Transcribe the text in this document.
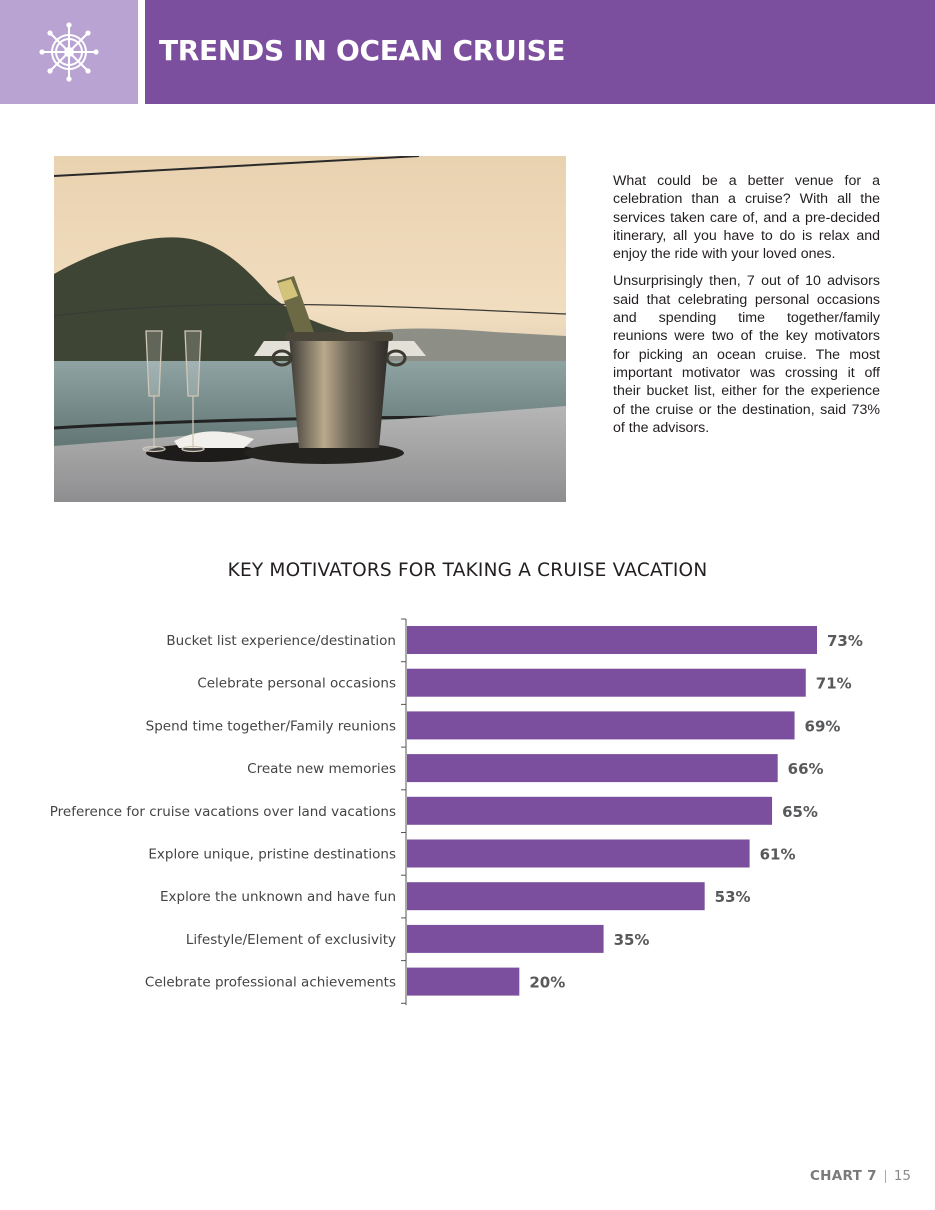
TRENDS IN OCEAN CRUISE

What could be a better venue for a celebration than a cruise? With all the services taken care of, and a pre-decided itinerary, all you have to do is relax and enjoy the ride with your loved ones.

Unsurprisingly then, 7 out of 10 advisors said that celebrating personal occasions and spending time together/family reunions were two of the key motivators for picking an ocean cruise. The most important motivator was crossing it off their bucket list, either for the experience of the cruise or the destination, said 73% of the advisors.

KEY MOTIVATORS FOR TAKING A CRUISE VACATION
Bucket list experience/destination	73%
Celebrate personal occasions	71%
Spend time together/Family reunions	69%
Create new memories	66%
Preference for cruise vacations over land vacations	65%
Explore unique, pristine destinations	61%
Explore the unknown and have fun	53%
Lifestyle/Element of exclusivity	35%
Celebrate professional achievements	20%
CHART 7 15
